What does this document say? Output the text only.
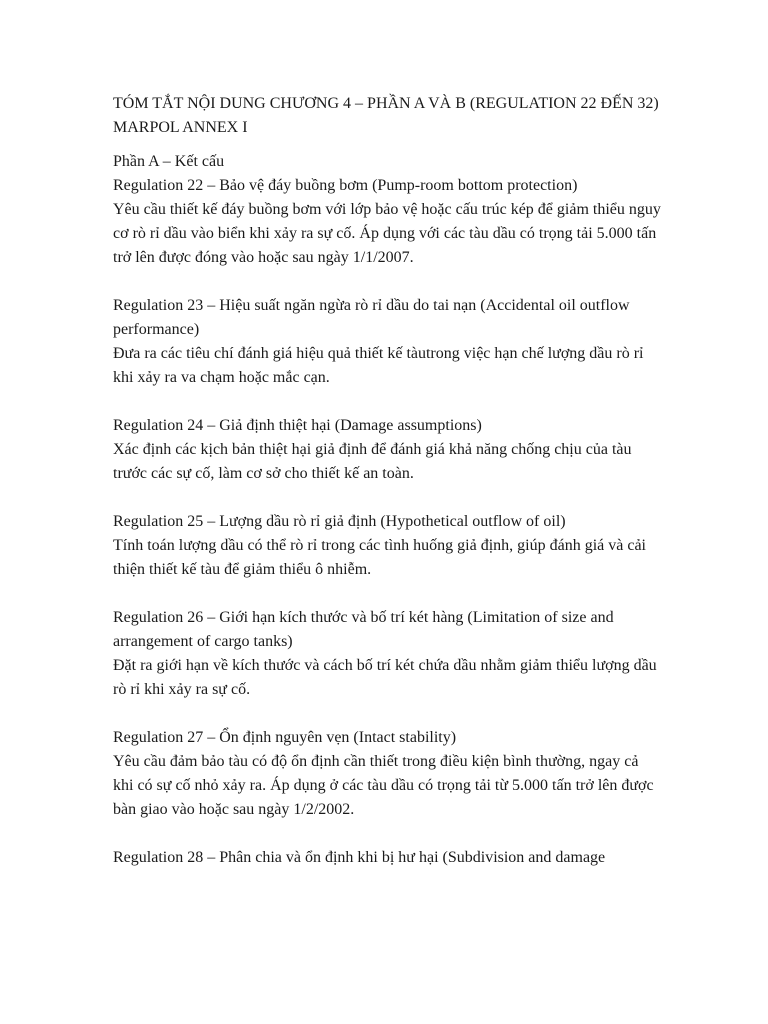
TÓM TẮT NỘI DUNG CHƯƠNG 4 – PHẦN A VÀ B (REGULATION 22 ĐẾN 32)

MARPOL ANNEX I

Phần A – Kết cấu

Regulation 22 – Bảo vệ đáy buồng bơm (Pump-room bottom protection)

Yêu cầu thiết kế đáy buồng bơm với lớp bảo vệ hoặc cấu trúc kép để giảm thiểu nguy cơ rò rỉ dầu vào biển khi xảy ra sự cố. Áp dụng với các tàu dầu có trọng tải 5.000 tấn trở lên được đóng vào hoặc sau ngày 1/1/2007.

Regulation 23 – Hiệu suất ngăn ngừa rò rỉ dầu do tai nạn (Accidental oil outflow performance)

Đưa ra các tiêu chí đánh giá hiệu quả thiết kế tàutrong việc hạn chế lượng dầu rò rỉ khi xảy ra va chạm hoặc mắc cạn.

Regulation 24 – Giả định thiệt hại (Damage assumptions)

Xác định các kịch bản thiệt hại giả định để đánh giá khả năng chống chịu của tàu trước các sự cố, làm cơ sở cho thiết kế an toàn.

Regulation 25 – Lượng dầu rò rỉ giả định (Hypothetical outflow of oil)

Tính toán lượng dầu có thể rò rỉ trong các tình huống giả định, giúp đánh giá và cải thiện thiết kế tàu để giảm thiểu ô nhiễm.

Regulation 26 – Giới hạn kích thước và bố trí két hàng (Limitation of size and arrangement of cargo tanks)

Đặt ra giới hạn về kích thước và cách bố trí két chứa dầu nhằm giảm thiểu lượng dầu rò rỉ khi xảy ra sự cố.

Regulation 27 – Ổn định nguyên vẹn (Intact stability)

Yêu cầu đảm bảo tàu có độ ổn định cần thiết trong điều kiện bình thường, ngay cả khi có sự cố nhỏ xảy ra. Áp dụng ở các tàu dầu có trọng tải từ 5.000 tấn trở lên được bàn giao vào hoặc sau ngày 1/2/2002.

Regulation 28 – Phân chia và ổn định khi bị hư hại (Subdivision and damage
